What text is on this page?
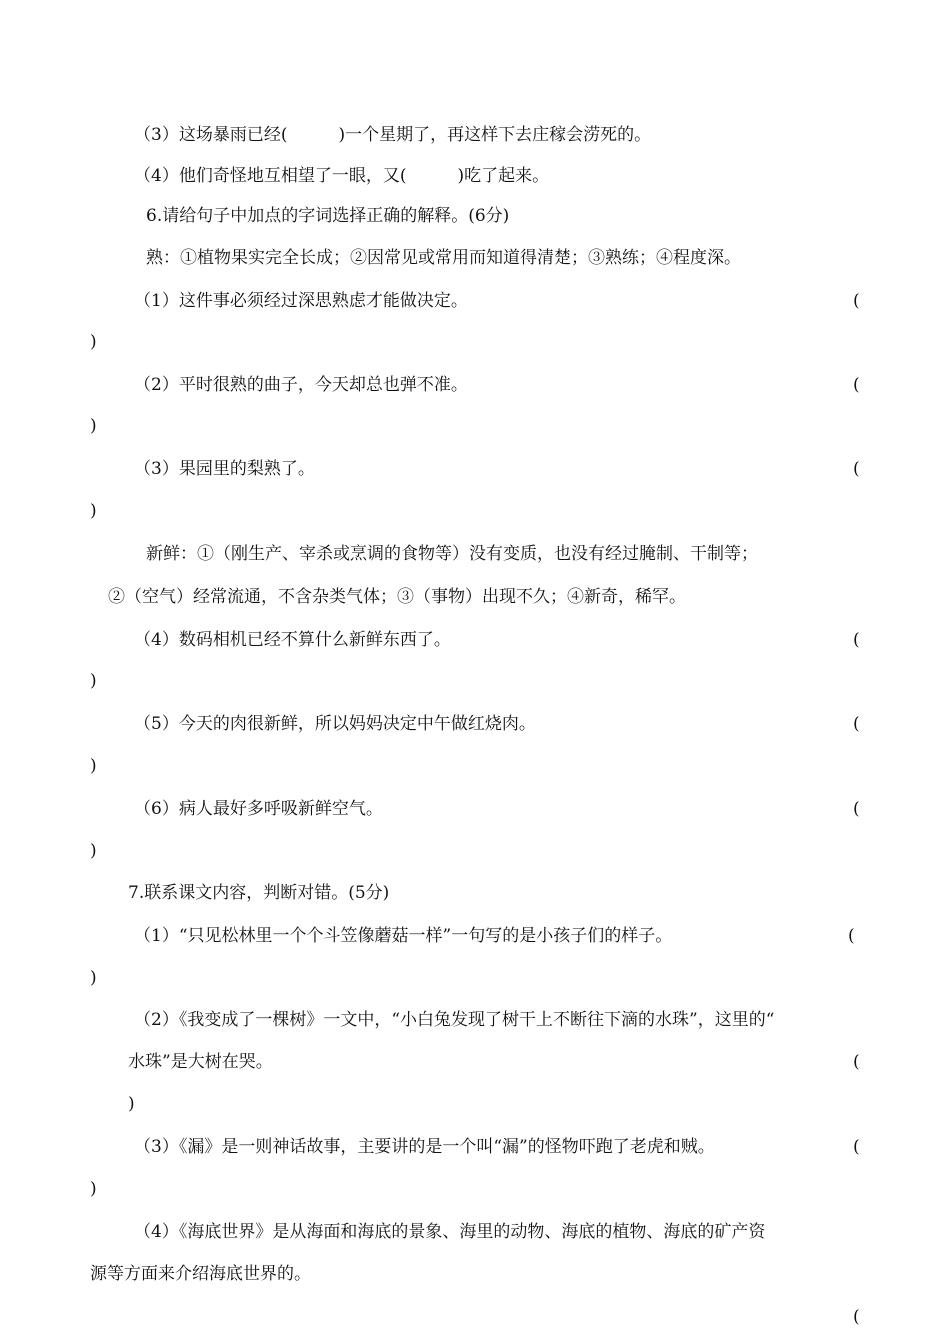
（3）这场暴雨已经(　　　)一个星期了，再这样下去庄稼会涝死的。
（4）他们奇怪地互相望了一眼，又(　　　)吃了起来。
6.请给句子中加点的字词选择正确的解释。(6分)
熟：①植物果实完全长成；②因常见或常用而知道得清楚；③熟练；④程度深。
（1）这件事必须经过深思熟虑才能做决定。	(
)
（2）平时很熟的曲子，今天却总也弹不准。	(
)
（3）果园里的梨熟了。	(
)
新鲜：①（刚生产、宰杀或烹调的食物等）没有变质，也没有经过腌制、干制等；
②（空气）经常流通，不含杂类气体；③（事物）出现不久；④新奇，稀罕。
（4）数码相机已经不算什么新鲜东西了。	(
)
（5）今天的肉很新鲜，所以妈妈决定中午做红烧肉。	(
)
（6）病人最好多呼吸新鲜空气。	(
)
7.联系课文内容，判断对错。(5分)
（1）“只见松林里一个个斗笠像蘑菇一样”一句写的是小孩子们的样子。	(
)
（2）《我变成了一棵树》一文中，“小白兔发现了树干上不断往下滴的水珠”，这里的“
水珠”是大树在哭。	(
)
（3）《漏》是一则神话故事，主要讲的是一个叫“漏”的怪物吓跑了老虎和贼。	(
)
（4）《海底世界》是从海面和海底的景象、海里的动物、海底的植物、海底的矿产资
源等方面来介绍海底世界的。
(
